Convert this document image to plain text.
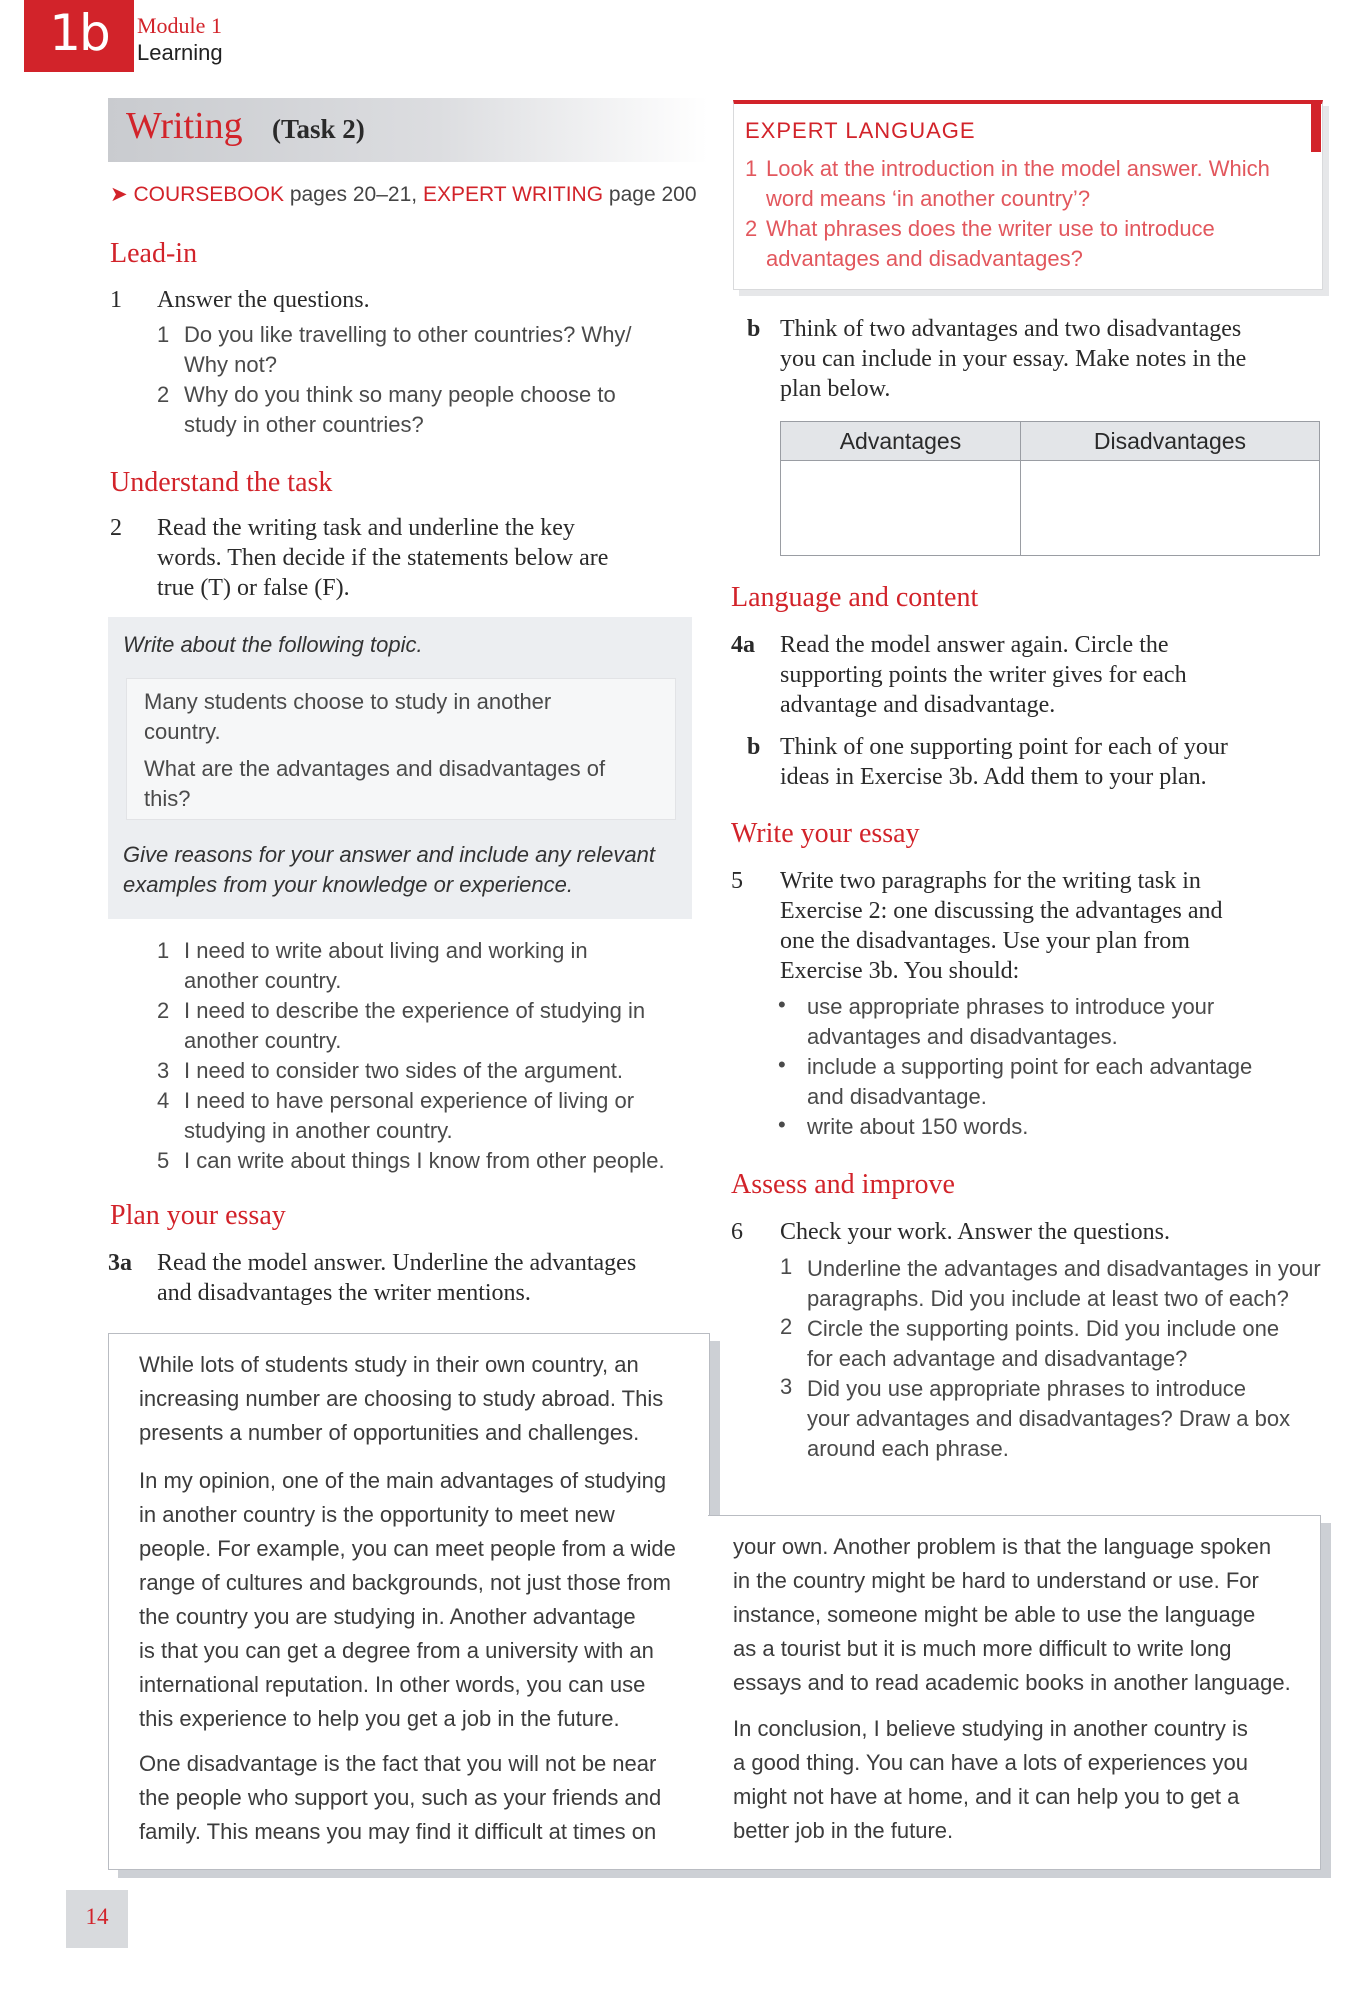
1b	Module 1
Learning
Writing (Task 2)
➤ COURSEBOOK pages 20–21, EXPERT WRITING page 200
Lead-in
1 Answer the questions.
1 Do you like travelling to other countries? Why/
Why not?
2 Why do you think so many people choose to
study in other countries?
Understand the task
2 Read the writing task and underline the key
words. Then decide if the statements below are
true (T) or false (F).
Write about the following topic.
Many students choose to study in another
country.
What are the advantages and disadvantages of
this?
Give reasons for your answer and include any relevant
examples from your knowledge or experience.
1 I need to write about living and working in
another country.
2 I need to describe the experience of studying in
another country.
3 I need to consider two sides of the argument.
4 I need to have personal experience of living or
studying in another country.
5 I can write about things I know from other people.
Plan your essay
3a Read the model answer. Underline the advantages
and disadvantages the writer mentions.
While lots of students study in their own country, an
increasing number are choosing to study abroad. This
presents a number of opportunities and challenges.
In my opinion, one of the main advantages of studying
in another country is the opportunity to meet new
people. For example, you can meet people from a wide
range of cultures and backgrounds, not just those from
the country you are studying in. Another advantage
is that you can get a degree from a university with an
international reputation. In other words, you can use
this experience to help you get a job in the future.
One disadvantage is the fact that you will not be near
the people who support you, such as your friends and
family. This means you may find it difficult at times on
your own. Another problem is that the language spoken
in the country might be hard to understand or use. For
instance, someone might be able to use the language
as a tourist but it is much more difficult to write long
essays and to read academic books in another language.
In conclusion, I believe studying in another country is
a good thing. You can have a lots of experiences you
might not have at home, and it can help you to get a
better job in the future.
EXPERT LANGUAGE
1 Look at the introduction in the model answer. Which
word means ‘in another country’?
2 What phrases does the writer use to introduce
advantages and disadvantages?
b Think of two advantages and two disadvantages
you can include in your essay. Make notes in the
plan below.
Advantages	Disadvantages

Language and content
4a Read the model answer again. Circle the
supporting points the writer gives for each
advantage and disadvantage.
b Think of one supporting point for each of your
ideas in Exercise 3b. Add them to your plan.
Write your essay
5 Write two paragraphs for the writing task in
Exercise 2: one discussing the advantages and
one the disadvantages. Use your plan from
Exercise 3b. You should:
• use appropriate phrases to introduce your
advantages and disadvantages.
• include a supporting point for each advantage
and disadvantage.
• write about 150 words.
Assess and improve
6 Check your work. Answer the questions.
1 Underline the advantages and disadvantages in your
paragraphs. Did you include at least two of each?
2 Circle the supporting points. Did you include one
for each advantage and disadvantage?
3 Did you use appropriate phrases to introduce
your advantages and disadvantages? Draw a box
around each phrase.
14
